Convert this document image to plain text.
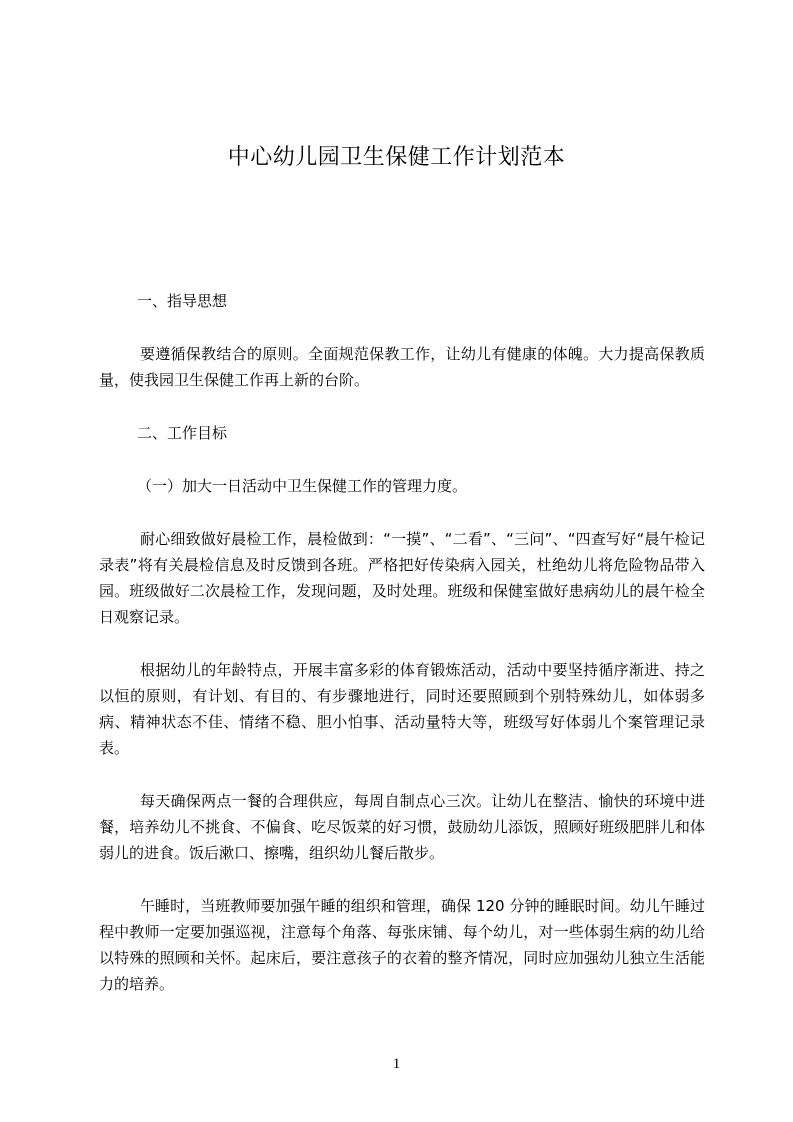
中心幼儿园卫生保健工作计划范本

一、指导思想

要遵循保教结合的原则。全面规范保教工作，让幼儿有健康的体魄。大力提高保教质量，使我园卫生保健工作再上新的台阶。

二、工作目标

（一）加大一日活动中卫生保健工作的管理力度。

耐心细致做好晨检工作，晨检做到：“一摸”、“二看”、“三问”、“四查写好“晨午检记录表”将有关晨检信息及时反馈到各班。严格把好传染病入园关，杜绝幼儿将危险物品带入园。班级做好二次晨检工作，发现问题，及时处理。班级和保健室做好患病幼儿的晨午检全日观察记录。

根据幼儿的年龄特点，开展丰富多彩的体育锻炼活动，活动中要坚持循序渐进、持之以恒的原则，有计划、有目的、有步骤地进行，同时还要照顾到个别特殊幼儿，如体弱多病、精神状态不佳、情绪不稳、胆小怕事、活动量特大等，班级写好体弱儿个案管理记录表。

每天确保两点一餐的合理供应，每周自制点心三次。让幼儿在整洁、愉快的环境中进餐，培养幼儿不挑食、不偏食、吃尽饭菜的好习惯，鼓励幼儿添饭，照顾好班级肥胖儿和体弱儿的进食。饭后漱口、擦嘴，组织幼儿餐后散步。

午睡时，当班教师要加强午睡的组织和管理，确保 120 分钟的睡眠时间。幼儿午睡过程中教师一定要加强巡视，注意每个角落、每张床铺、每个幼儿，对一些体弱生病的幼儿给以特殊的照顾和关怀。起床后，要注意孩子的衣着的整齐情况，同时应加强幼儿独立生活能力的培养。

1
